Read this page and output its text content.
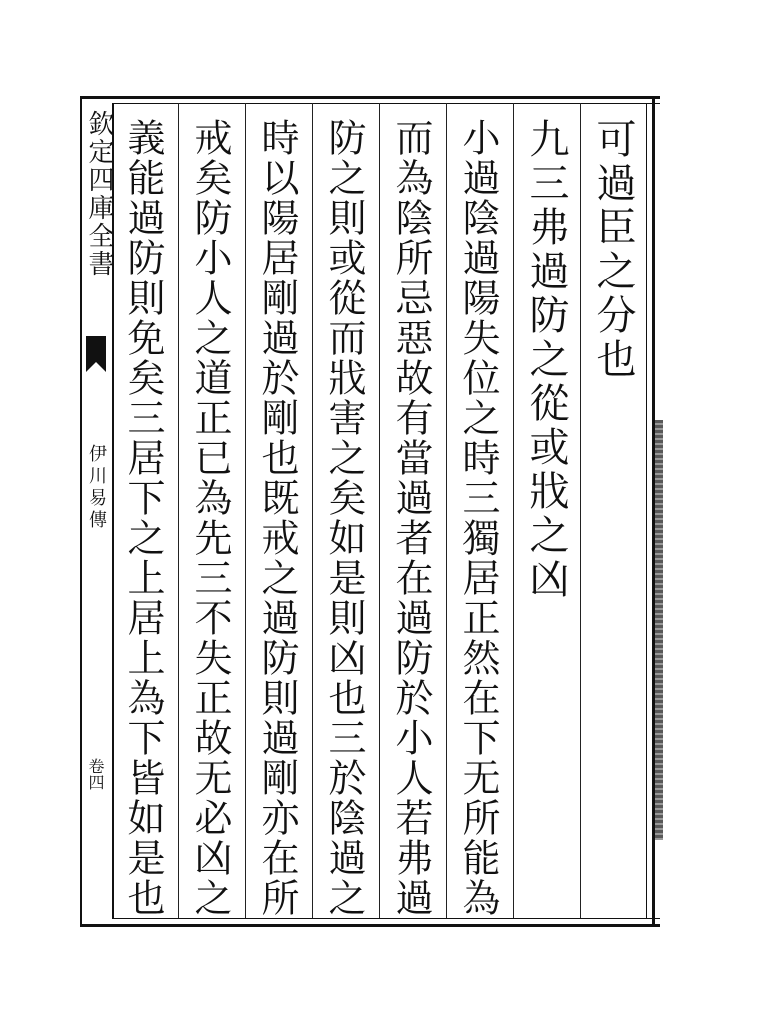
欽定四庫全書
伊川易傳
卷四
可過臣之分也
九三弗過防之從或戕之凶
小過陰過陽失位之時三獨居正然在下无所能為
而為陰所忌惡故有當過者在過防於小人若弗過
防之則或從而戕害之矣如是則凶也三於陰過之
時以陽居剛過於剛也既戒之過防則過剛亦在所
戒矣防小人之道正已為先三不失正故无必凶之
義能過防則免矣三居下之上居上為下皆如是也
